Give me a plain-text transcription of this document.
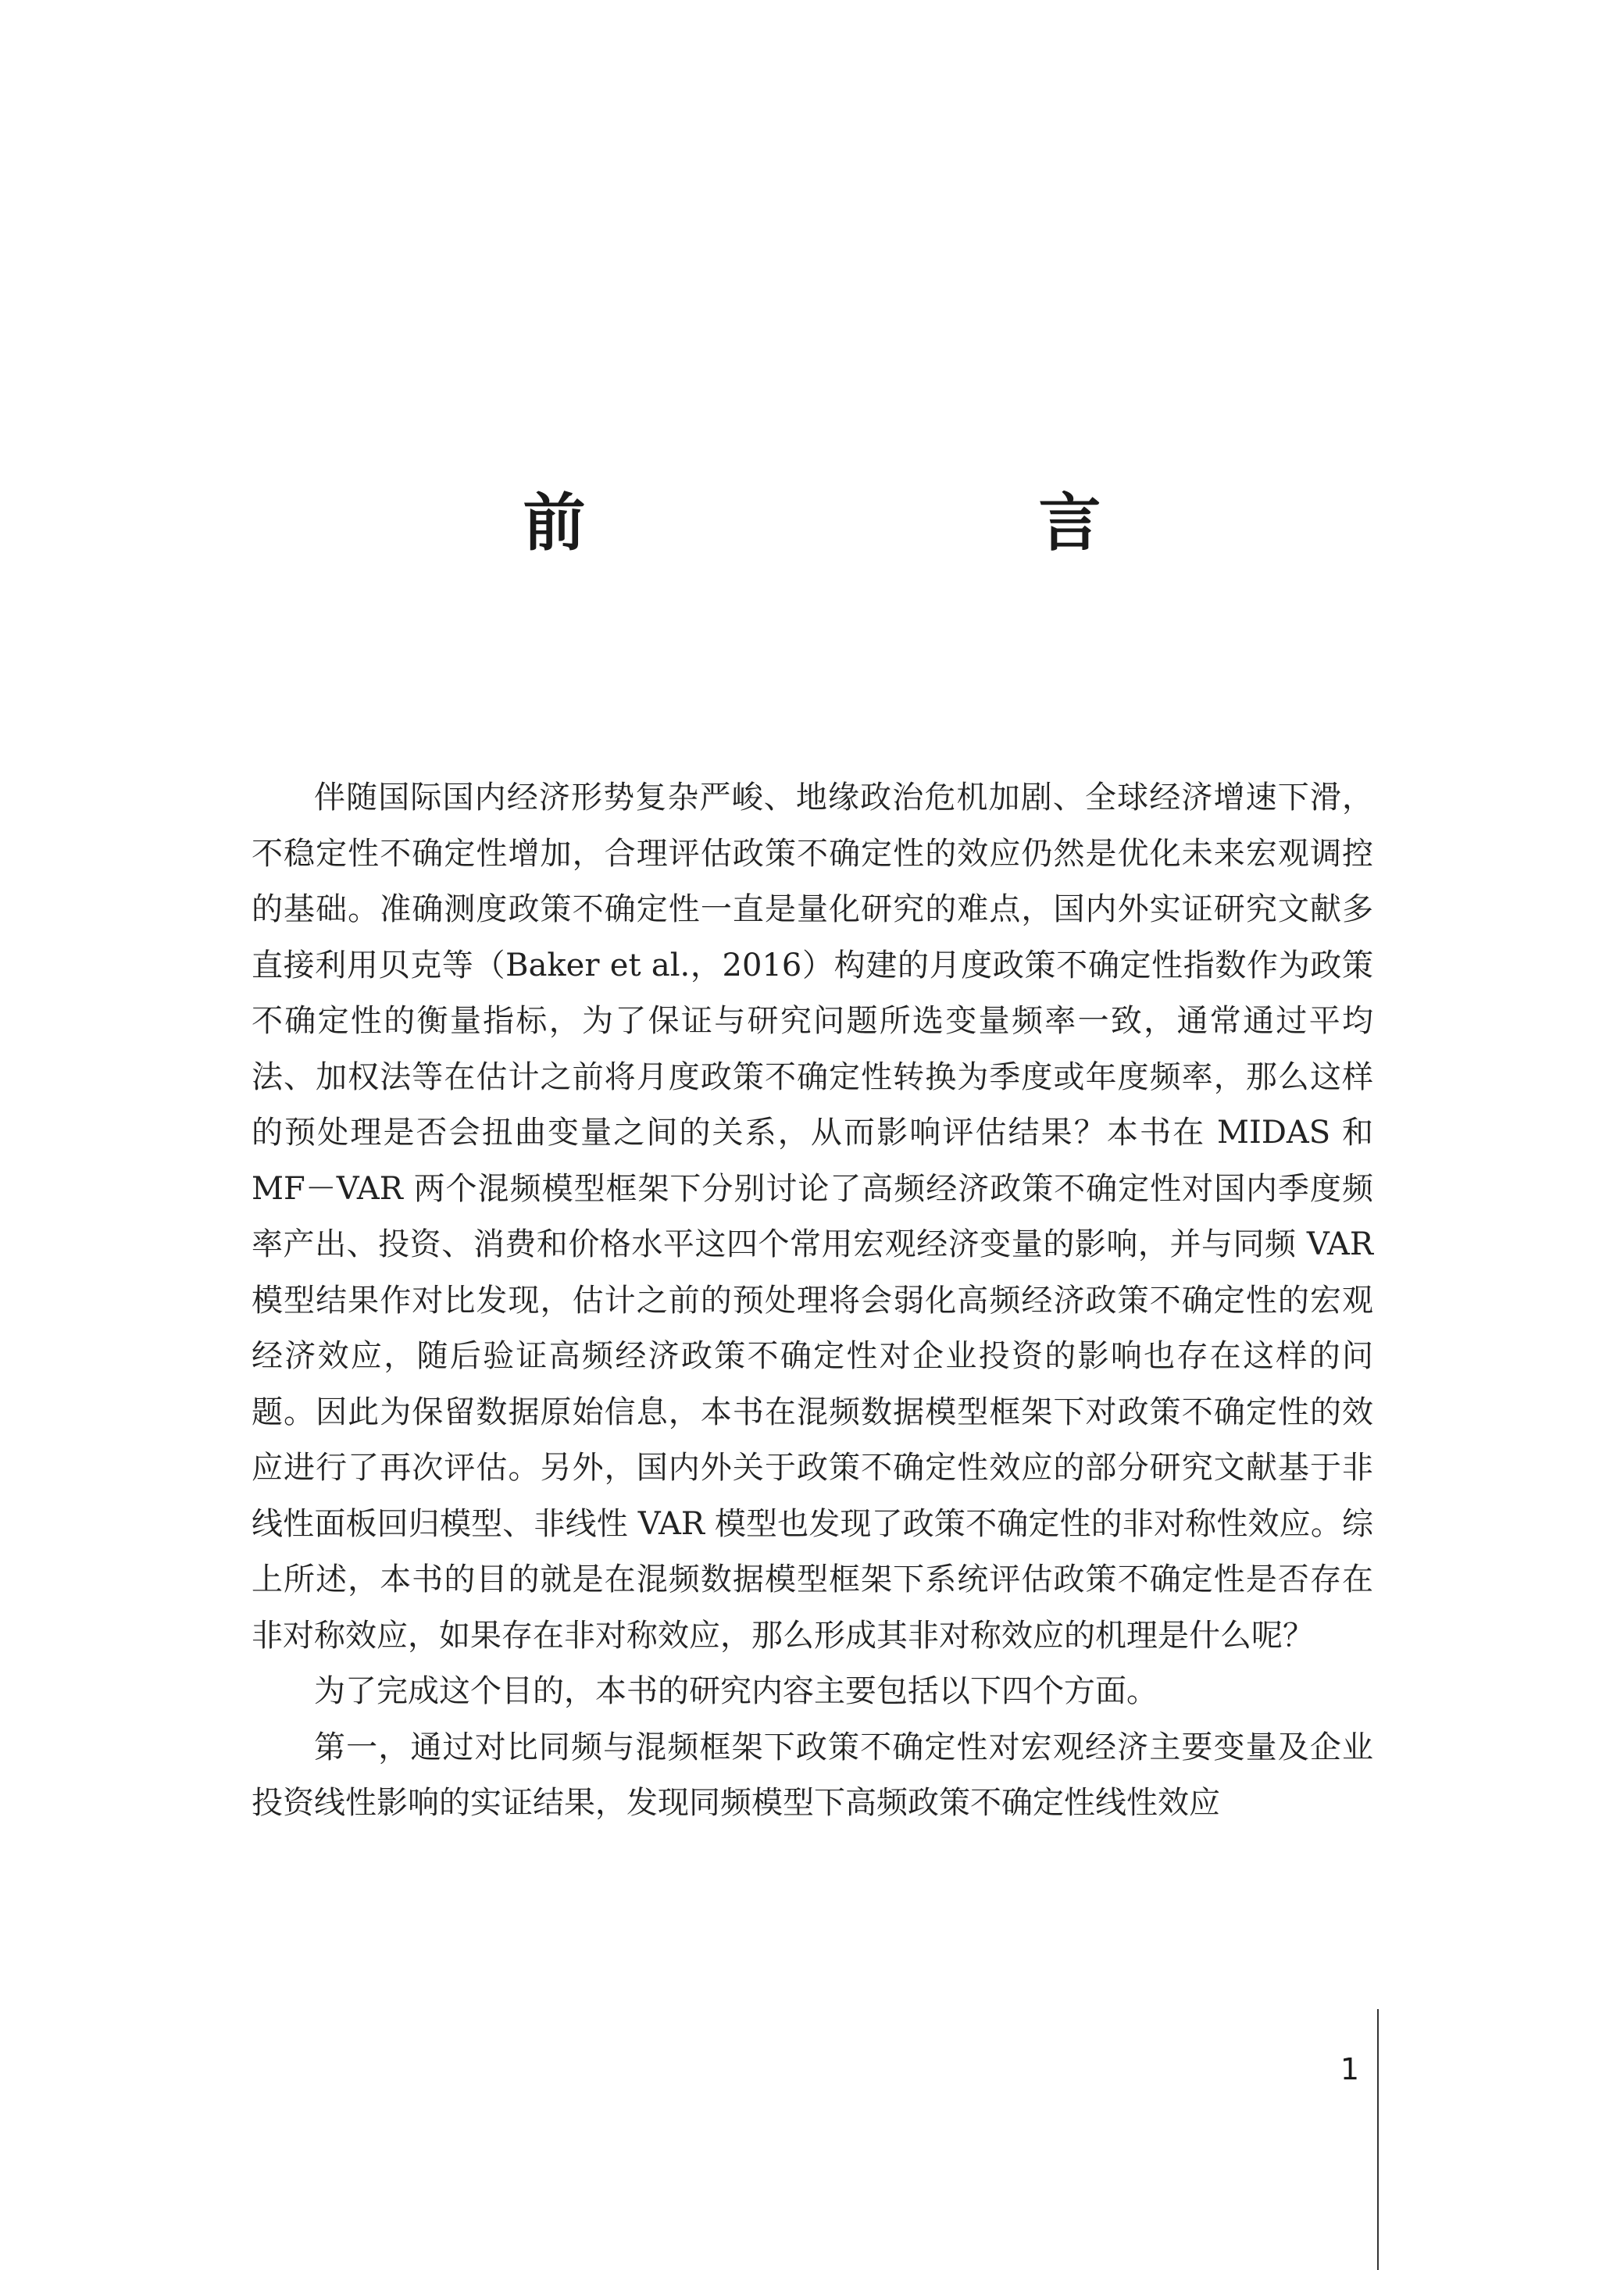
前　　言

伴随国际国内经济形势复杂严峻、地缘政治危机加剧、全球经济增速下滑，不稳定性不确定性增加，合理评估政策不确定性的效应仍然是优化未来宏观调控的基础。准确测度政策不确定性一直是量化研究的难点，国内外实证研究文献多直接利用贝克等（Baker et al.，2016）构建的月度政策不确定性指数作为政策不确定性的衡量指标，为了保证与研究问题所选变量频率一致，通常通过平均法、加权法等在估计之前将月度政策不确定性转换为季度或年度频率，那么这样的预处理是否会扭曲变量之间的关系，从而影响评估结果？本书在 MIDAS 和 MF－VAR 两个混频模型框架下分别讨论了高频经济政策不确定性对国内季度频率产出、投资、消费和价格水平这四个常用宏观经济变量的影响，并与同频 VAR 模型结果作对比发现，估计之前的预处理将会弱化高频经济政策不确定性的宏观经济效应，随后验证高频经济政策不确定性对企业投资的影响也存在这样的问题。因此为保留数据原始信息，本书在混频数据模型框架下对政策不确定性的效应进行了再次评估。另外，国内外关于政策不确定性效应的部分研究文献基于非线性面板回归模型、非线性 VAR 模型也发现了政策不确定性的非对称性效应。综上所述，本书的目的就是在混频数据模型框架下系统评估政策不确定性是否存在非对称效应，如果存在非对称效应，那么形成其非对称效应的机理是什么呢？

为了完成这个目的，本书的研究内容主要包括以下四个方面。

第一，通过对比同频与混频框架下政策不确定性对宏观经济主要变量及企业投资线性影响的实证结果，发现同频模型下高频政策不确定性线性效应

1
